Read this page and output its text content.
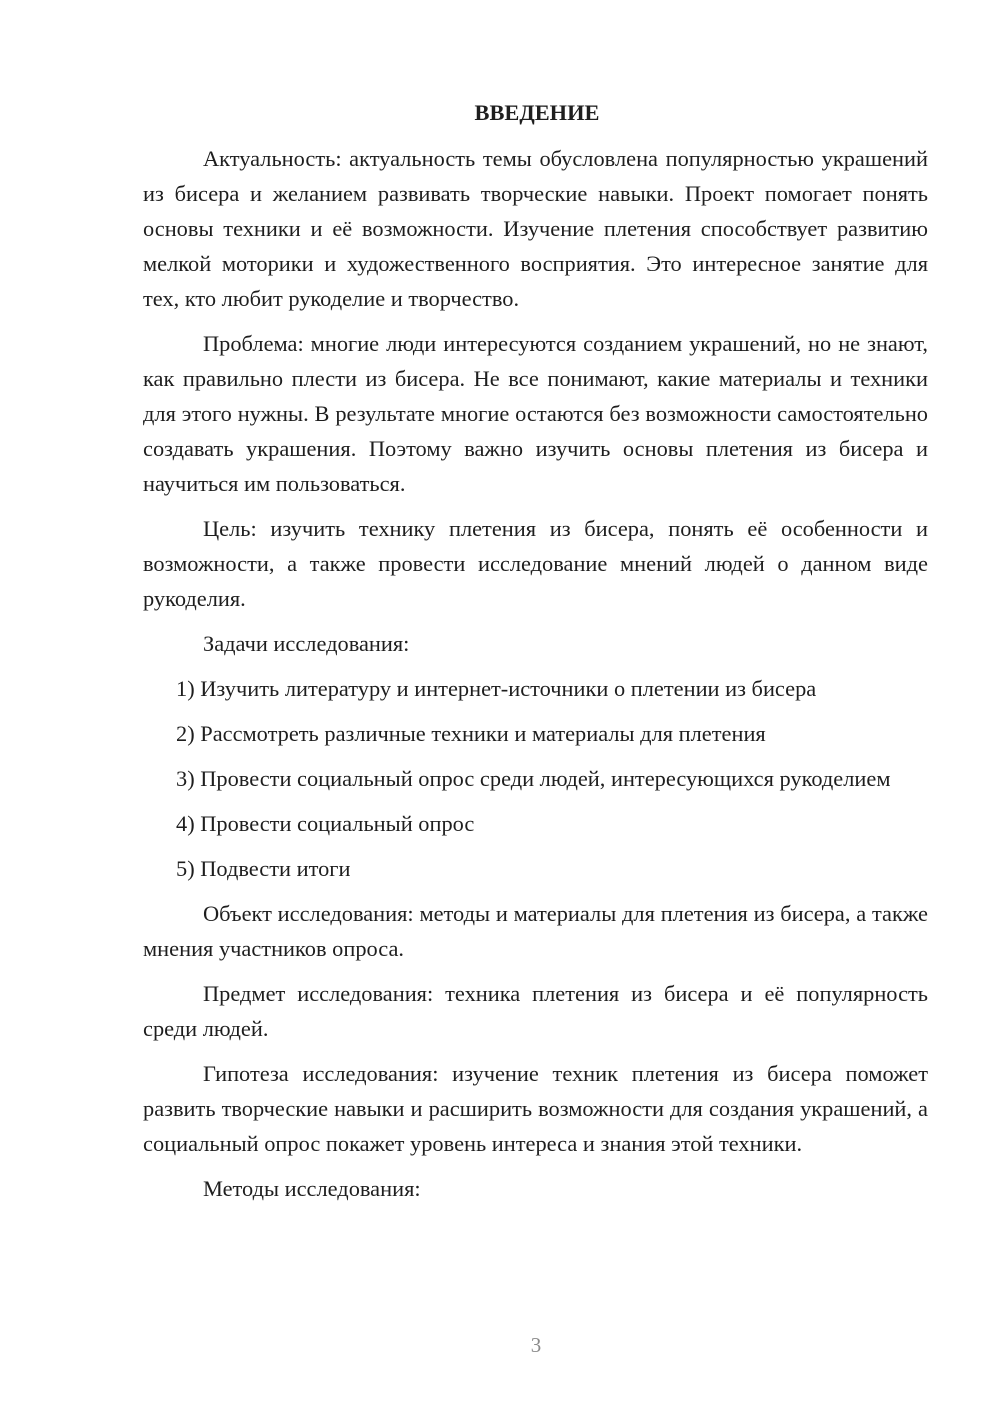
ВВЕДЕНИЕ

Актуальность: актуальность темы обусловлена популярностью украшений из бисера и желанием развивать творческие навыки. Проект помогает понять основы техники и её возможности. Изучение плетения способствует развитию мелкой моторики и художественного восприятия. Это интересное занятие для тех, кто любит рукоделие и творчество.

Проблема: многие люди интересуются созданием украшений, но не знают, как правильно плести из бисера. Не все понимают, какие материалы и техники для этого нужны. В результате многие остаются без возможности самостоятельно создавать украшения. Поэтому важно изучить основы плетения из бисера и научиться им пользоваться.

Цель: изучить технику плетения из бисера, понять её особенности и возможности, а также провести исследование мнений людей о данном виде рукоделия.

Задачи исследования:

1) Изучить литературу и интернет-источники о плетении из бисера

2) Рассмотреть различные техники и материалы для плетения

3) Провести социальный опрос среди людей, интересующихся рукоделием

4) Провести социальный опрос

5) Подвести итоги

Объект исследования: методы и материалы для плетения из бисера, а также мнения участников опроса.

Предмет исследования: техника плетения из бисера и её популярность среди людей.

Гипотеза исследования: изучение техник плетения из бисера поможет развить творческие навыки и расширить возможности для создания украшений, а социальный опрос покажет уровень интереса и знания этой техники.

Методы исследования:

3
